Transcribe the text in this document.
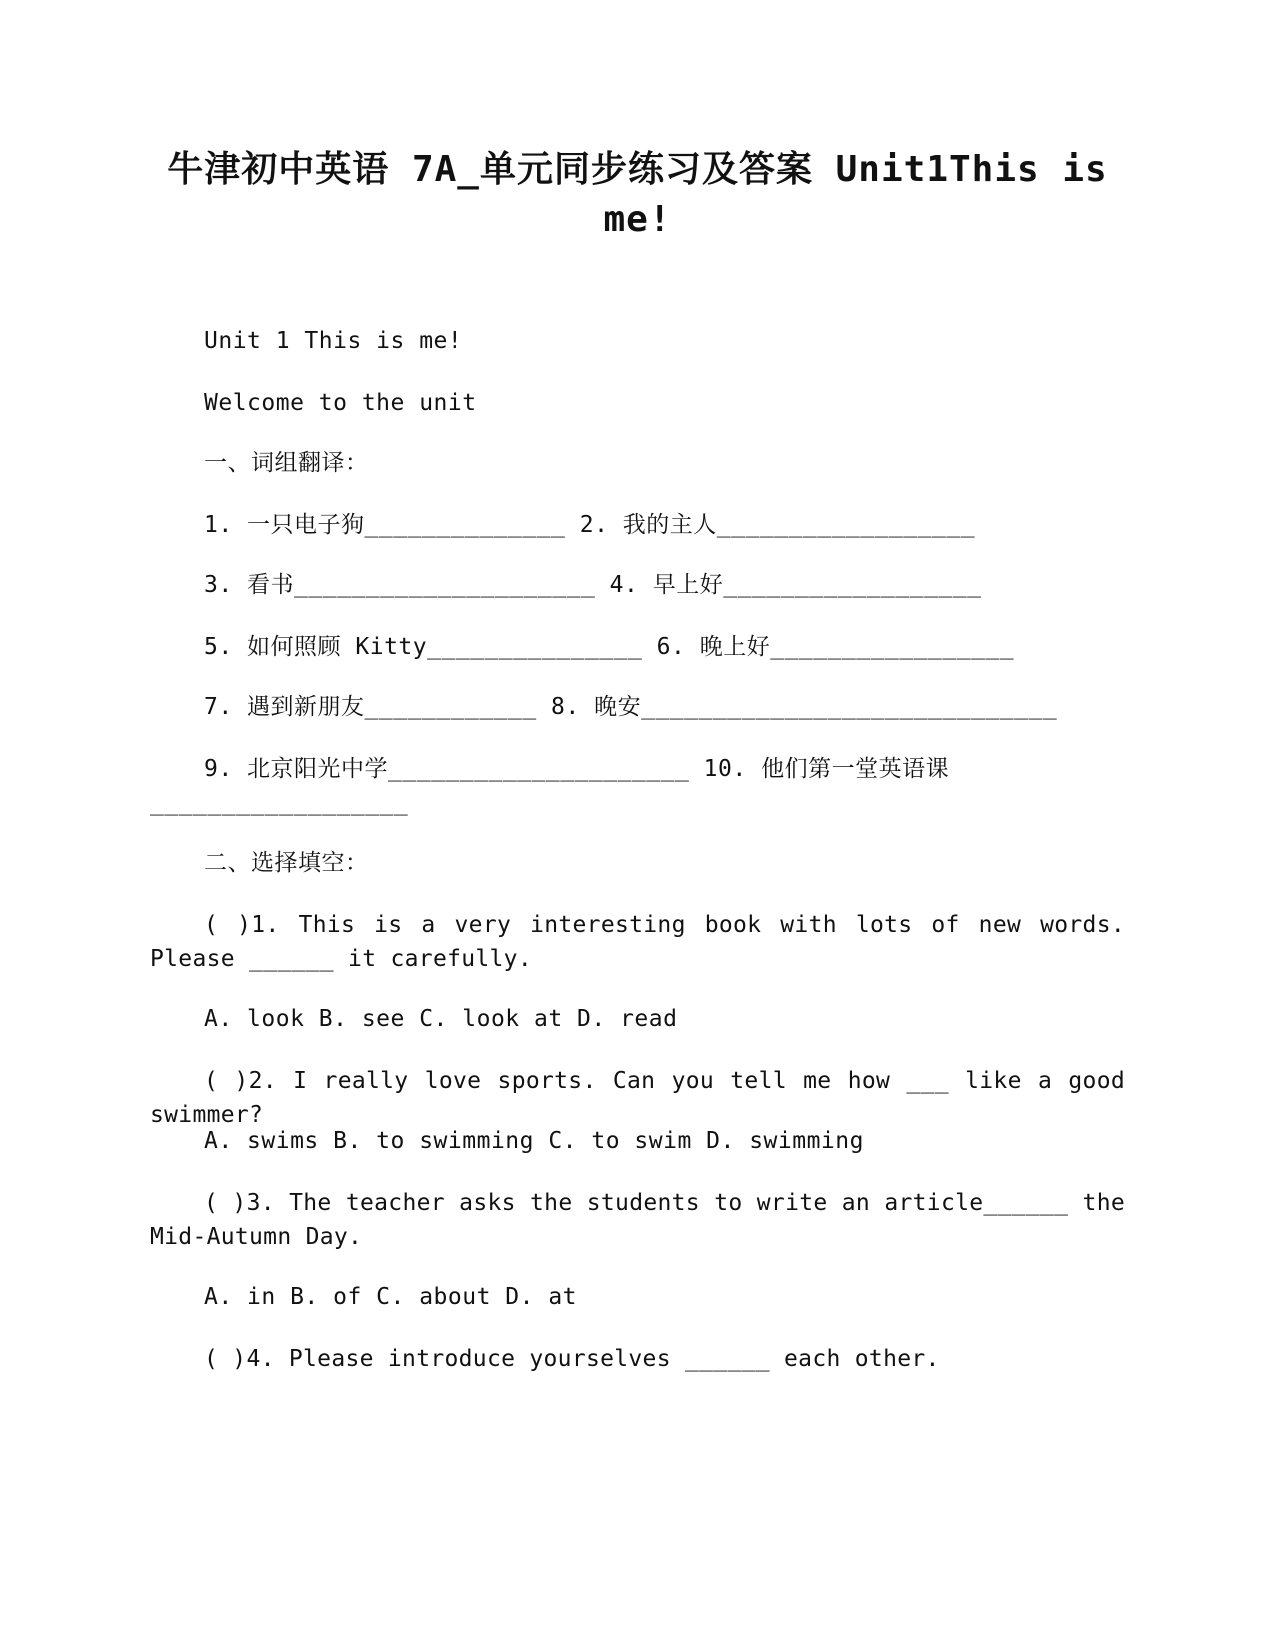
牛津初中英语 7A_单元同步练习及答案 Unit1This is me!
Unit 1 This is me!
Welcome to the unit
一、词组翻译：
1. 一只电子狗______________ 2. 我的主人__________________
3. 看书_____________________ 4. 早上好__________________
5. 如何照顾 Kitty_______________ 6. 晚上好_________________
7. 遇到新朋友____________ 8. 晚安_____________________________
9. 北京阳光中学_____________________ 10. 他们第一堂英语课
__________________
二、选择填空：
( )1. This is a very interesting book with lots of new words. Please ______ it carefully.
A. look B. see C. look at D. read
( )2. I really love sports. Can you tell me how ___ like a good swimmer?
A. swims B. to swimming C. to swim D. swimming
( )3. The teacher asks the students to write an article______ the Mid-Autumn Day.
A. in B. of C. about D. at
( )4. Please introduce yourselves ______ each other.
